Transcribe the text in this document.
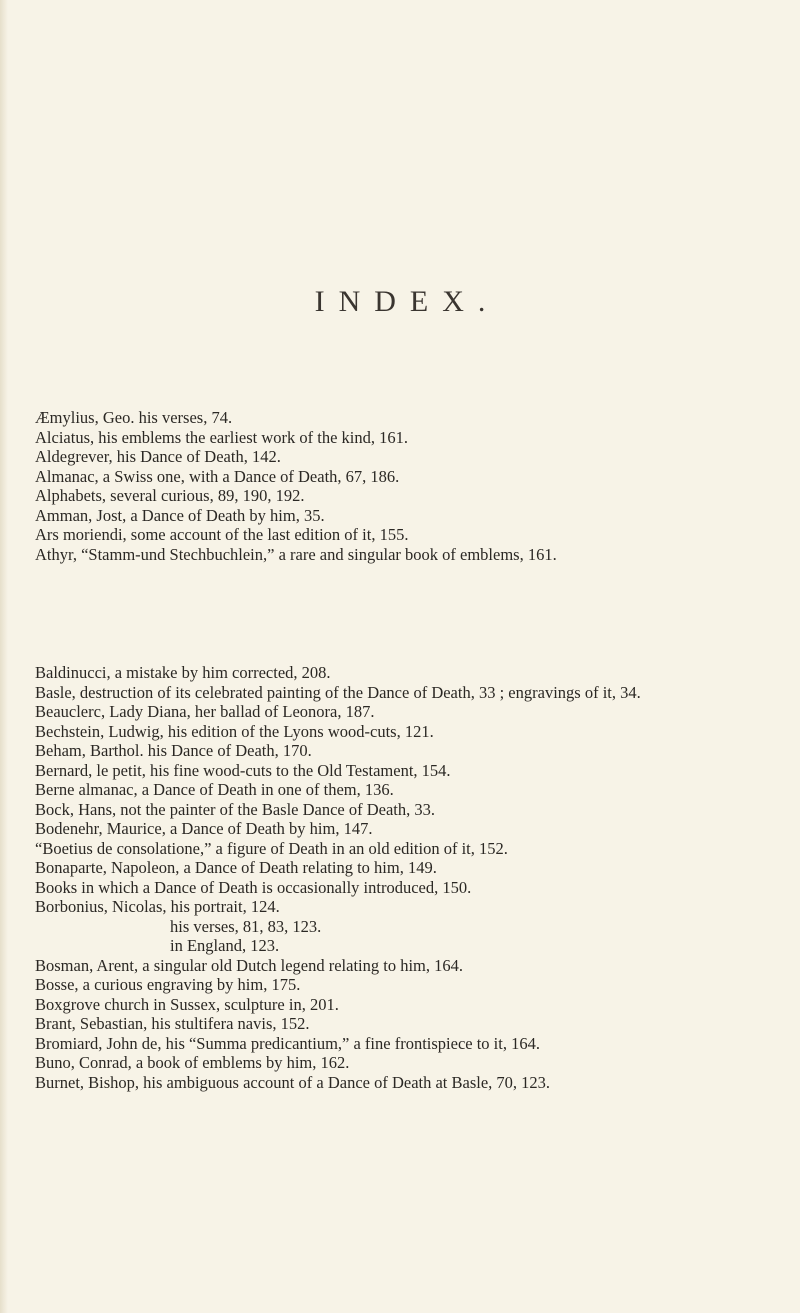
INDEX.
Æmylius, Geo. his verses, 74.
Alciatus, his emblems the earliest work of the kind, 161.
Aldegrever, his Dance of Death, 142.
Almanac, a Swiss one, with a Dance of Death, 67, 186.
Alphabets, several curious, 89, 190, 192.
Amman, Jost, a Dance of Death by him, 35.
Ars moriendi, some account of the last edition of it, 155.
Athyr, “Stamm-und Stechbuchlein,” a rare and singular book of emblems, 161.
Baldinucci, a mistake by him corrected, 208.
Basle, destruction of its celebrated painting of the Dance of Death, 33 ; engravings of it, 34.
Beauclerc, Lady Diana, her ballad of Leonora, 187.
Bechstein, Ludwig, his edition of the Lyons wood-cuts, 121.
Beham, Barthol. his Dance of Death, 170.
Bernard, le petit, his fine wood-cuts to the Old Testament, 154.
Berne almanac, a Dance of Death in one of them, 136.
Bock, Hans, not the painter of the Basle Dance of Death, 33.
Bodenehr, Maurice, a Dance of Death by him, 147.
“Boetius de consolatione,” a figure of Death in an old edition of it, 152.
Bonaparte, Napoleon, a Dance of Death relating to him, 149.
Books in which a Dance of Death is occasionally introduced, 150.
Borbonius, Nicolas, his portrait, 124.
his verses, 81, 83, 123.
in England, 123.
Bosman, Arent, a singular old Dutch legend relating to him, 164.
Bosse, a curious engraving by him, 175.
Boxgrove church in Sussex, sculpture in, 201.
Brant, Sebastian, his stultifera navis, 152.
Bromiard, John de, his “Summa predicantium,” a fine frontispiece to it, 164.
Buno, Conrad, a book of emblems by him, 162.
Burnet, Bishop, his ambiguous account of a Dance of Death at Basle, 70, 123.
